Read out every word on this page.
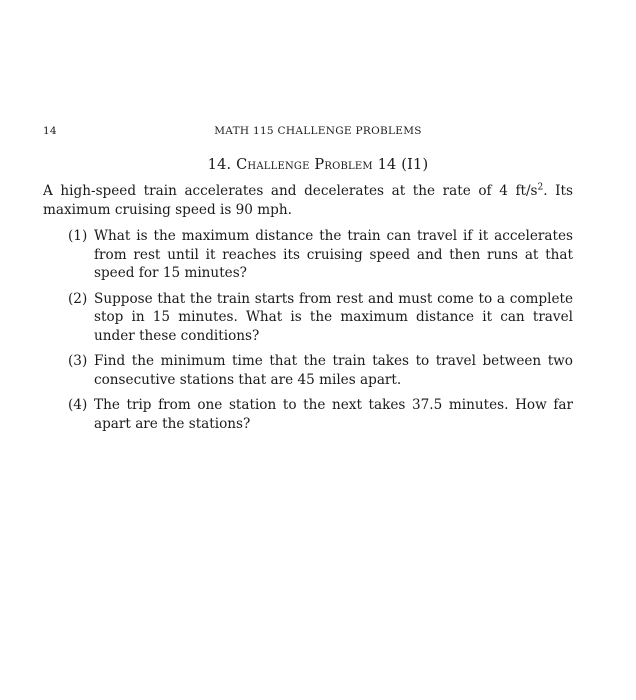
14	MATH 115 CHALLENGE PROBLEMS
14. Challenge Problem 14 (I1)

A high-speed train accelerates and decelerates at the rate of 4 $ft/s^2$. Its maximum cruising speed is 90 mph.

(1) What is the maximum distance the train can travel if it accelerates from rest until it reaches its cruising speed and then runs at that speed for 15 minutes?
(2) Suppose that the train starts from rest and must come to a complete stop in 15 minutes. What is the maximum distance it can travel under these conditions?
(3) Find the minimum time that the train takes to travel between two consecutive stations that are 45 miles apart.
(4) The trip from one station to the next takes 37.5 minutes. How far apart are the stations?
